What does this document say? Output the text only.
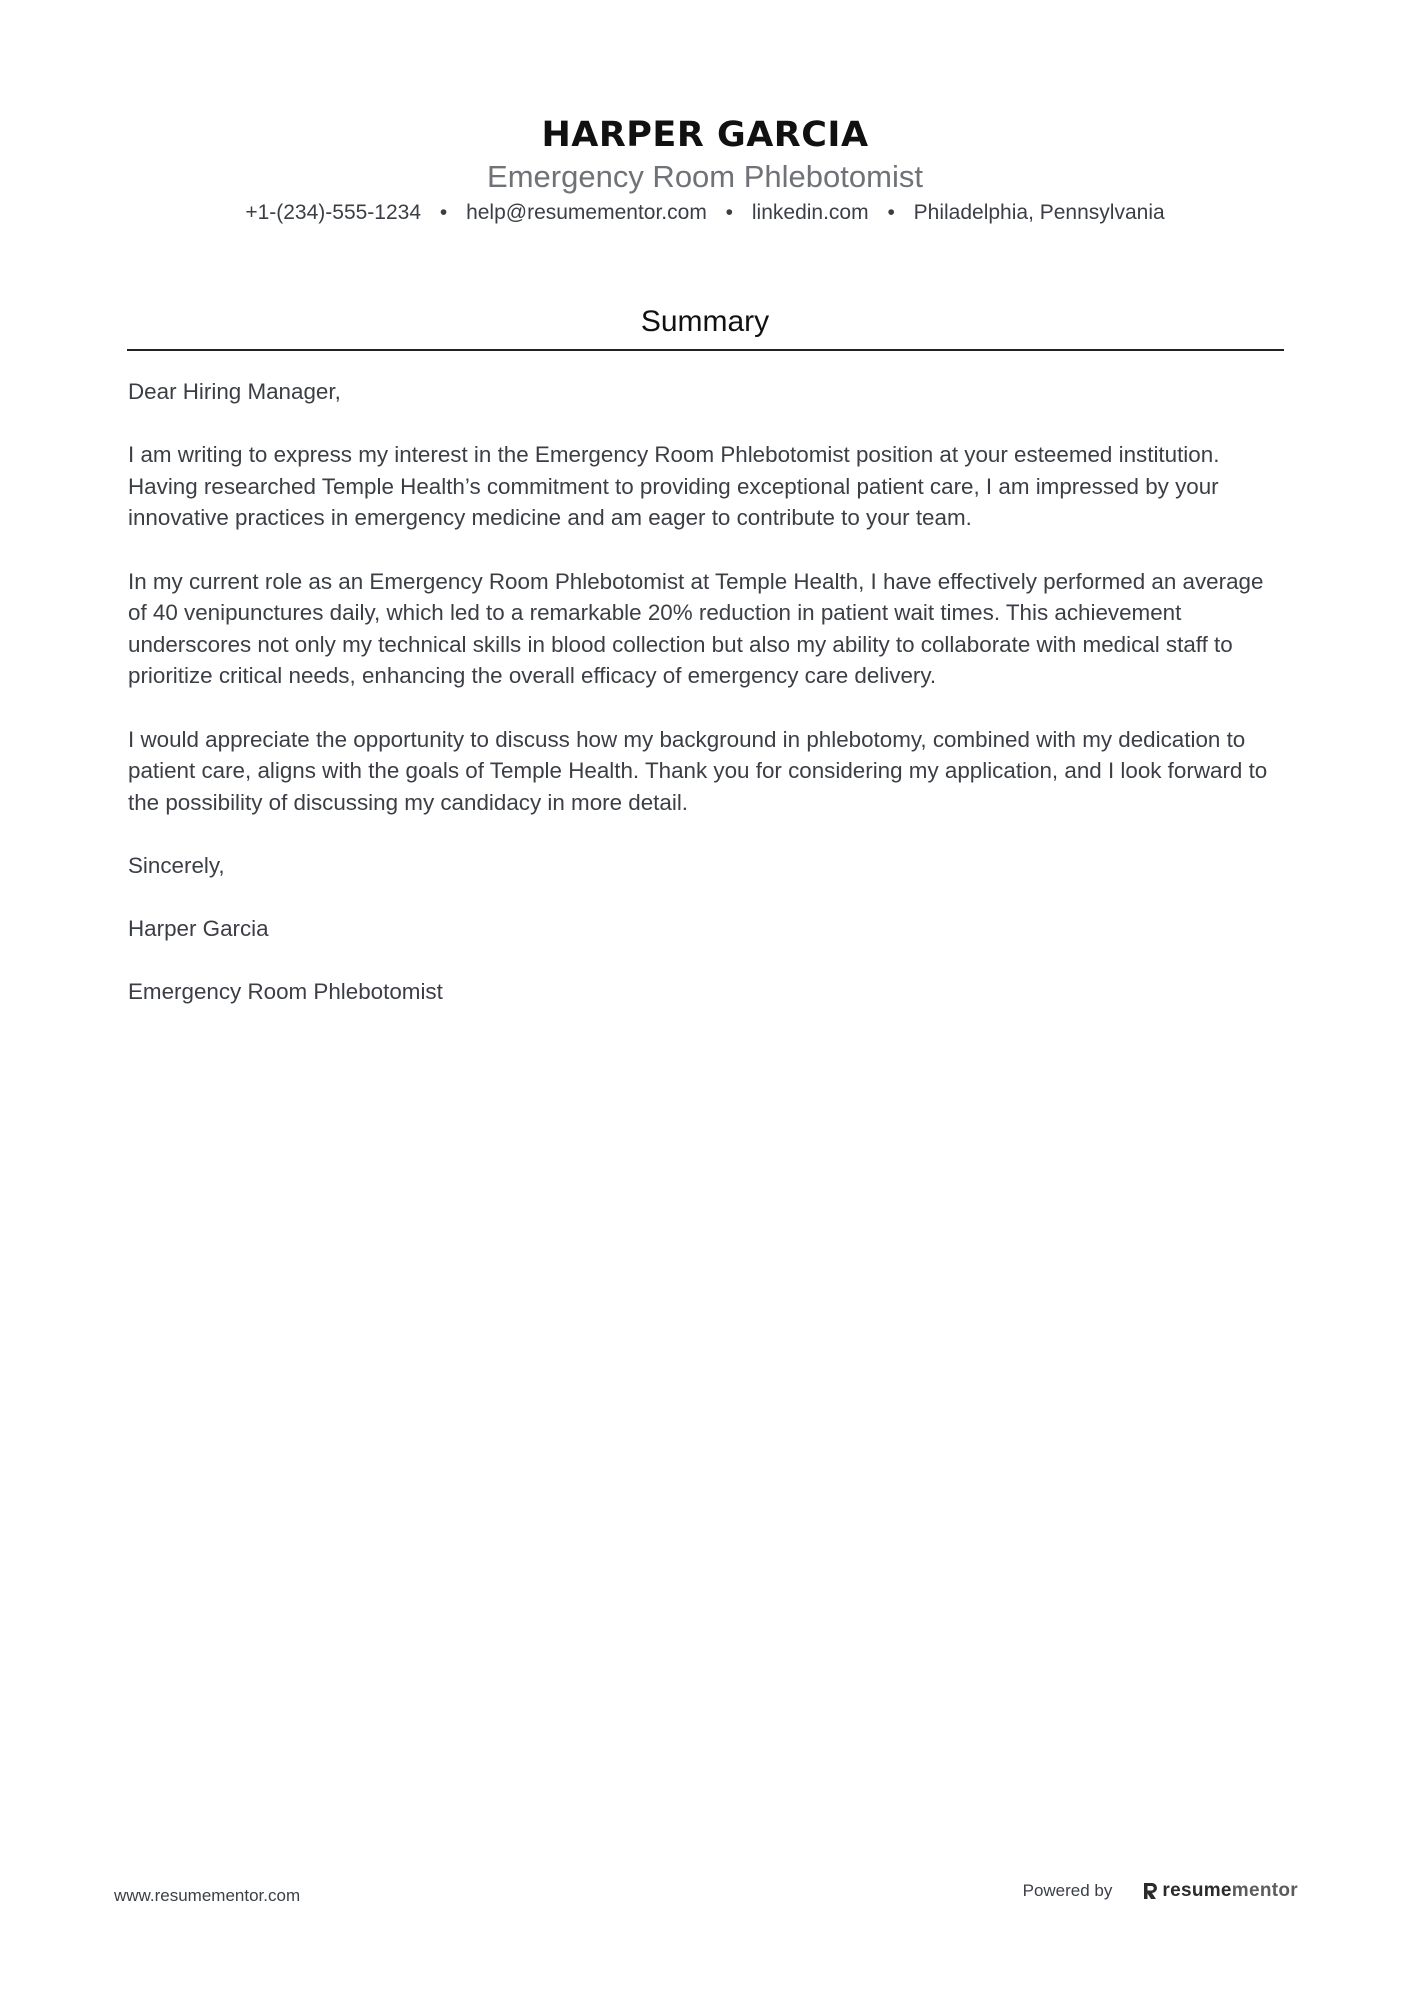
HARPER GARCIA
Emergency Room Phlebotomist
+1-(234)-555-1234 • help@resumementor.com • linkedin.com • Philadelphia, Pennsylvania
Summary

Dear Hiring Manager,

I am writing to express my interest in the Emergency Room Phlebotomist position at your esteemed institution. Having researched Temple Health’s commitment to providing exceptional patient care, I am impressed by your innovative practices in emergency medicine and am eager to contribute to your team.

In my current role as an Emergency Room Phlebotomist at Temple Health, I have effectively performed an average of 40 venipunctures daily, which led to a remarkable 20% reduction in patient wait times. This achievement underscores not only my technical skills in blood collection but also my ability to collaborate with medical staff to prioritize critical needs, enhancing the overall efficacy of emergency care delivery.

I would appreciate the opportunity to discuss how my background in phlebotomy, combined with my dedication to patient care, aligns with the goals of Temple Health. Thank you for considering my application, and I look forward to the possibility of discussing my candidacy in more detail.

Sincerely,

Harper Garcia

Emergency Room Phlebotomist

www.resumementor.com	Powered by	resume mentor
